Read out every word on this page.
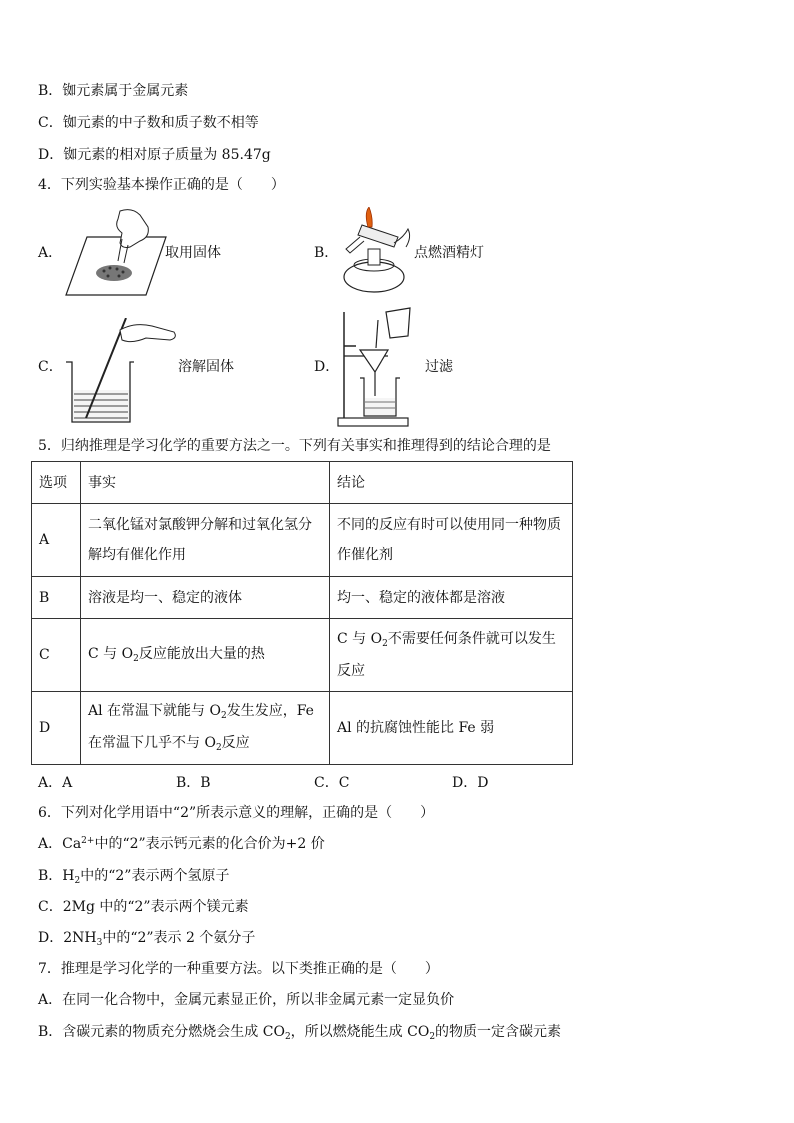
B．铷元素属于金属元素
C．铷元素的中子数和质子数不相等
D．铷元素的相对原子质量为 85.47g
4．下列实验基本操作正确的是（　　）
A．	取用固体	B．	点燃酒精灯
C．	溶解固体	D．	过滤
5．归纳推理是学习化学的重要方法之一。下列有关事实和推理得到的结论合理的是
选项	事实	结论
A	二氧化锰对氯酸钾分解和过氧化氢分解均有催化作用	不同的反应有时可以使用同一种物质作催化剂
B	溶液是均一、稳定的液体	均一、稳定的液体都是溶液
C	C 与 $O_2$反应能放出大量的热	C 与 $O_2$不需要任何条件就可以发生反应
D	Al 在常温下就能与 $O_2$发生发应，Fe 在常温下几乎不与 $O_2$反应	Al 的抗腐蚀性能比 Fe 弱
A．A	B．B	C．C	D．D
6．下列对化学用语中“2”所表示意义的理解，正确的是（　　）
A．$Ca^{2+}$中的“2”表示钙元素的化合价为+2 价
B．$H_2$中的“2”表示两个氢原子
C．2Mg 中的“2”表示两个镁元素
D．$2NH_3$中的“2”表示 2 个氨分子
7．推理是学习化学的一种重要方法。以下类推正确的是（　　）
A．在同一化合物中，金属元素显正价，所以非金属元素一定显负价
B．含碳元素的物质充分燃烧会生成 $CO_2$，所以燃烧能生成 $CO_2$的物质一定含碳元素
